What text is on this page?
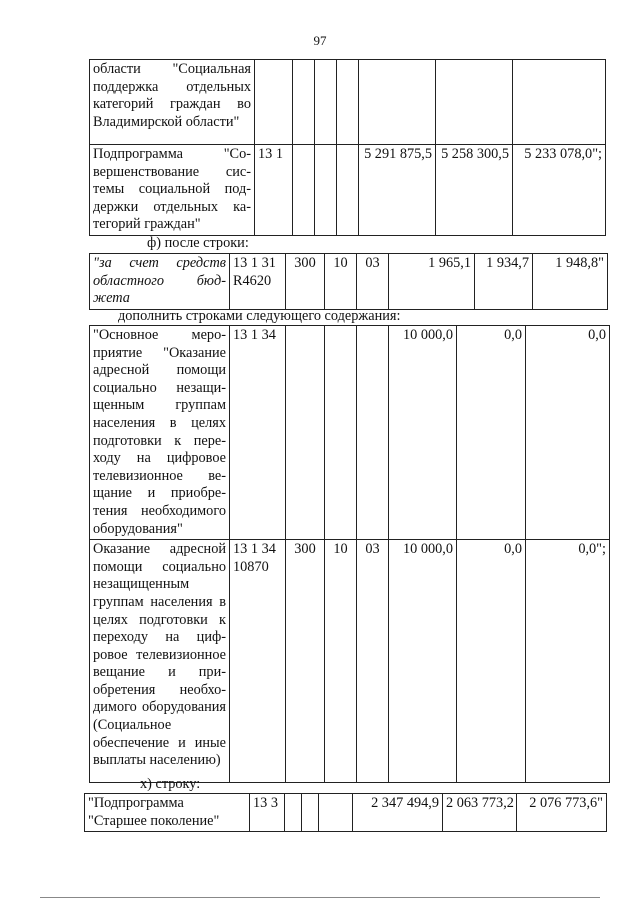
97
области "Социальная поддержка отдельных категорий граждан во Владимирской области"							
Подпрограмма "Совершенствование системы социальной поддержки отдельных категорий граждан"	13 1				5 291 875,5	5 258 300,5	5 233 078,0";
ф) после строки:
"за счет средств областного бюджета	13 1 31 R4620	300	10	03	1 965,1	1 934,7	1 948,8"
дополнить строками следующего содержания:
"Основное мероприятие "Оказание адресной помощи социально незащищенным группам населения в целях подготовки к переходу на цифровое телевизионное вещание и приобретения необходимого оборудования"	13 1 34				10 000,0	0,0	0,0
Оказание адресной помощи социально незащищенным группам населения в целях подготовки к переходу на цифровое телевизионное вещание и приобретения необходимого оборудования (Социальное обеспечение и иные выплаты населению)	13 1 34 10870	300	10	03	10 000,0	0,0	0,0";
х) строку:
"Подпрограмма "Старшее поколение"	13 3				2 347 494,9	2 063 773,2	2 076 773,6"
